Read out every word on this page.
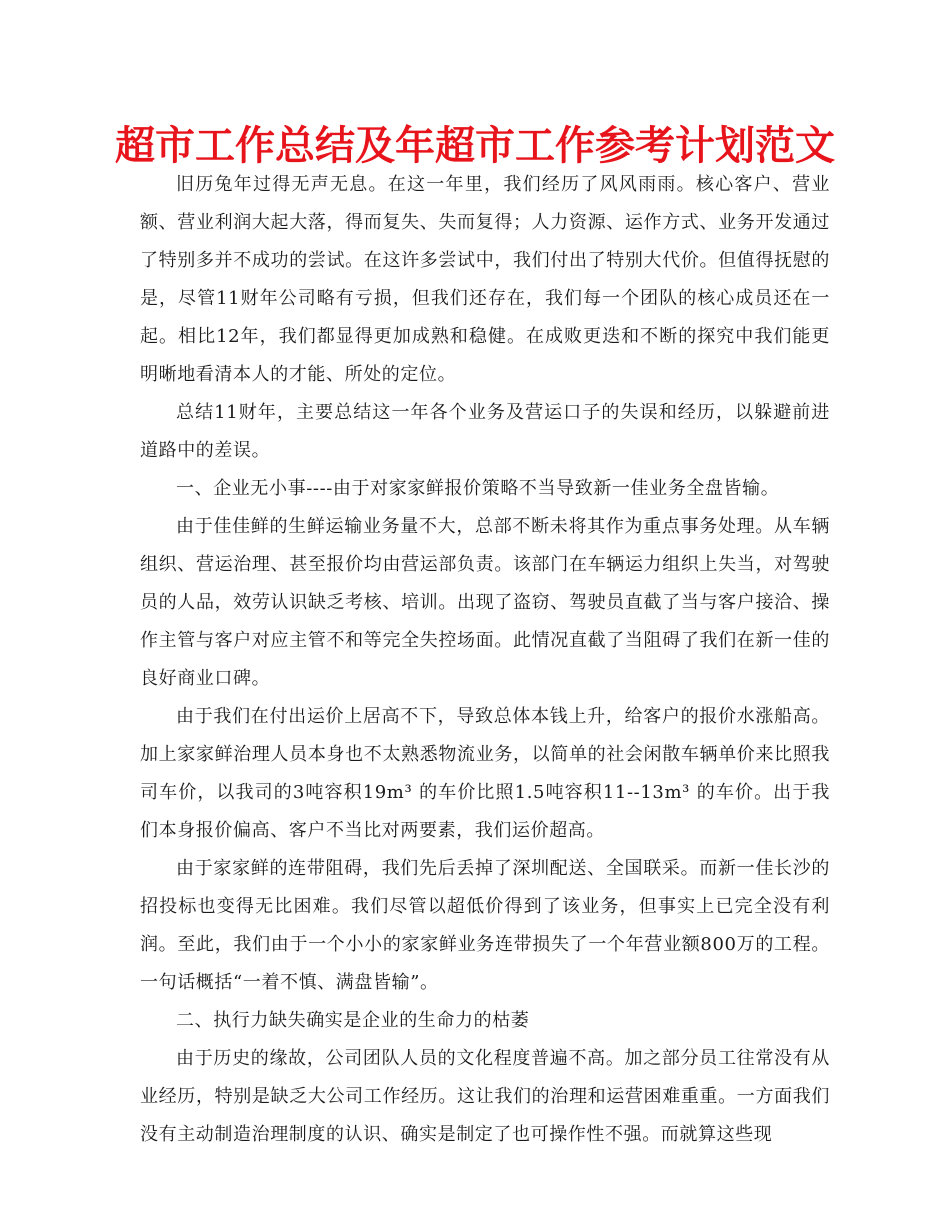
超市工作总结及年超市工作参考计划范文

旧历兔年过得无声无息。在这一年里，我们经历了风风雨雨。核心客户、营业额、营业利润大起大落，得而复失、失而复得；人力资源、运作方式、业务开发通过了特别多并不成功的尝试。在这许多尝试中，我们付出了特别大代价。但值得抚慰的是，尽管11财年公司略有亏损，但我们还存在，我们每一个团队的核心成员还在一起。相比12年，我们都显得更加成熟和稳健。在成败更迭和不断的探究中我们能更明晰地看清本人的才能、所处的定位。

总结11财年，主要总结这一年各个业务及营运口子的失误和经历，以躲避前进道路中的差误。

一、企业无小事----由于对家家鲜报价策略不当导致新一佳业务全盘皆输。

由于佳佳鲜的生鲜运输业务量不大，总部不断未将其作为重点事务处理。从车辆组织、营运治理、甚至报价均由营运部负责。该部门在车辆运力组织上失当，对驾驶员的人品，效劳认识缺乏考核、培训。出现了盗窃、驾驶员直截了当与客户接洽、操作主管与客户对应主管不和等完全失控场面。此情况直截了当阻碍了我们在新一佳的良好商业口碑。

由于我们在付出运价上居高不下，导致总体本钱上升，给客户的报价水涨船高。加上家家鲜治理人员本身也不太熟悉物流业务，以简单的社会闲散车辆单价来比照我司车价，以我司的3吨容积19m³ 的车价比照1.5吨容积11--13m³ 的车价。出于我们本身报价偏高、客户不当比对两要素，我们运价超高。

由于家家鲜的连带阻碍，我们先后丢掉了深圳配送、全国联采。而新一佳长沙的招投标也变得无比困难。我们尽管以超低价得到了该业务，但事实上已完全没有利润。至此，我们由于一个小小的家家鲜业务连带损失了一个年营业额800万的工程。一句话概括“一着不慎、满盘皆输”。

二、执行力缺失确实是企业的生命力的枯萎

由于历史的缘故，公司团队人员的文化程度普遍不高。加之部分员工往常没有从业经历，特别是缺乏大公司工作经历。这让我们的治理和运营困难重重。一方面我们没有主动制造治理制度的认识、确实是制定了也可操作性不强。而就算这些现
